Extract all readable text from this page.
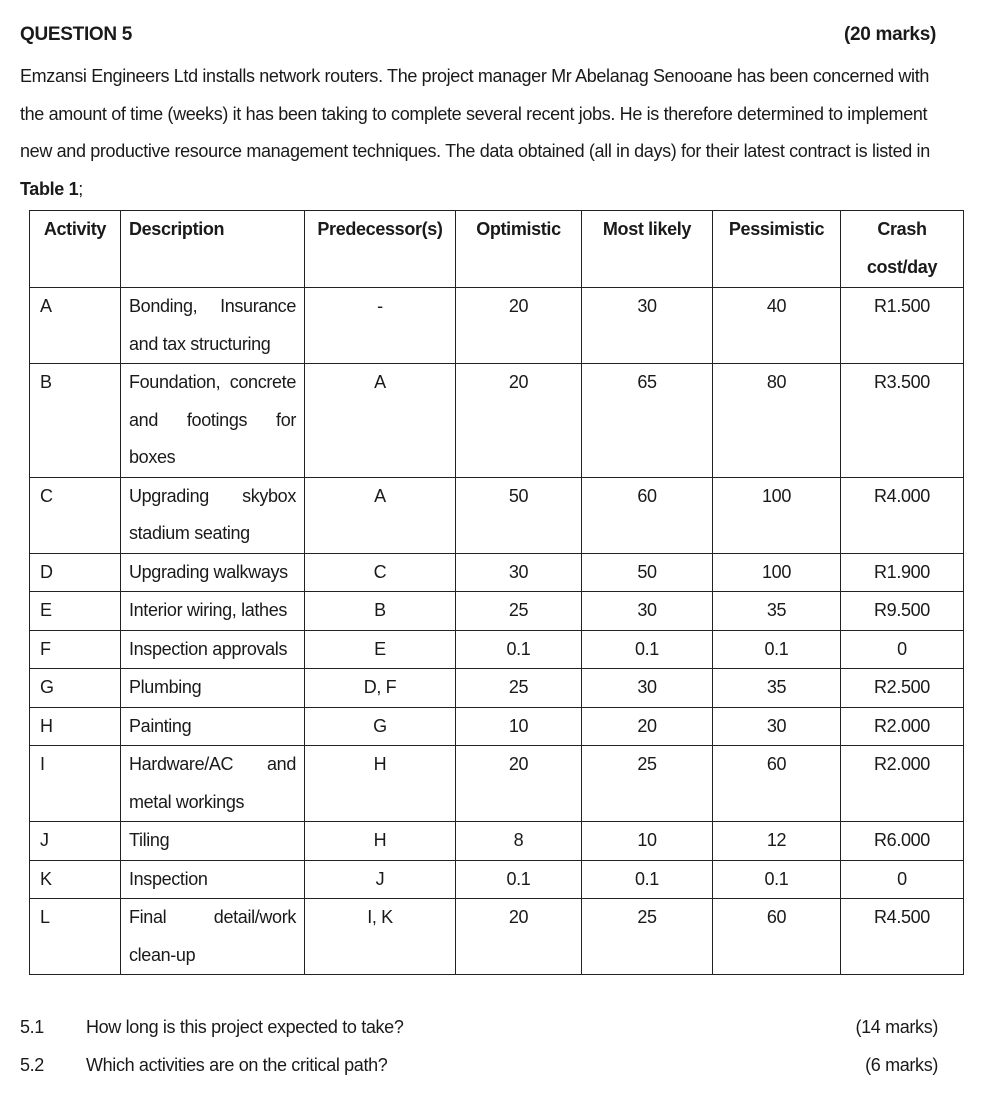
QUESTION 5	(20 marks)
Emzansi Engineers Ltd installs network routers. The project manager Mr Abelanag Senooane has been concerned with the amount of time (weeks) it has been taking to complete several recent jobs. He is therefore determined to implement new and productive resource management techniques. The data obtained (all in days) for their latest contract is listed in Table 1;
Activity	Description	Predecessor(s)	Optimistic	Most likely	Pessimistic	Crash cost/day
A	Bonding, Insurance and tax structuring	-	20	30	40	R1.500
B	Foundation, concrete and footings for boxes	A	20	65	80	R3.500
C	Upgrading skybox stadium seating	A	50	60	100	R4.000
D	Upgrading walkways	C	30	50	100	R1.900
E	Interior wiring, lathes	B	25	30	35	R9.500
F	Inspection approvals	E	0.1	0.1	0.1	0
G	Plumbing	D, F	25	30	35	R2.500
H	Painting	G	10	20	30	R2.000
I	Hardware/AC and metal workings	H	20	25	60	R2.000
J	Tiling	H	8	10	12	R6.000
K	Inspection	J	0.1	0.1	0.1	0
L	Final detail/work clean-up	I, K	20	25	60	R4.500
5.1 How long is this project expected to take?	(14 marks)
5.2 Which activities are on the critical path?	(6 marks)
